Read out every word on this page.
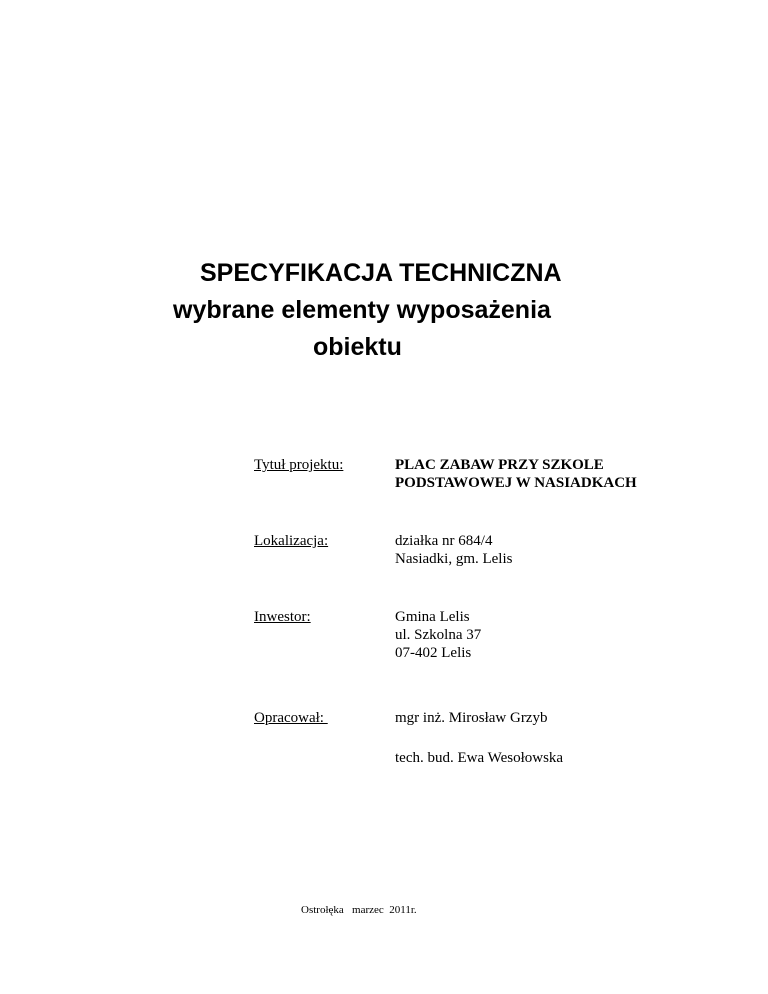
SPECYFIKACJA TECHNICZNA
wybrane elementy wyposażenia
obiektu
Tytuł projektu:	PLAC ZABAW PRZY SZKOLE
PODSTAWOWEJ W NASIADKACH
Lokalizacja:	działka nr 684/4
Nasiadki, gm. Lelis
Inwestor:	Gmina Lelis
ul. Szkolna 37
07-402 Lelis
Opracował:	mgr inż. Mirosław Grzyb
tech. bud. Ewa Wesołowska
Ostrołęka   marzec  2011r.
